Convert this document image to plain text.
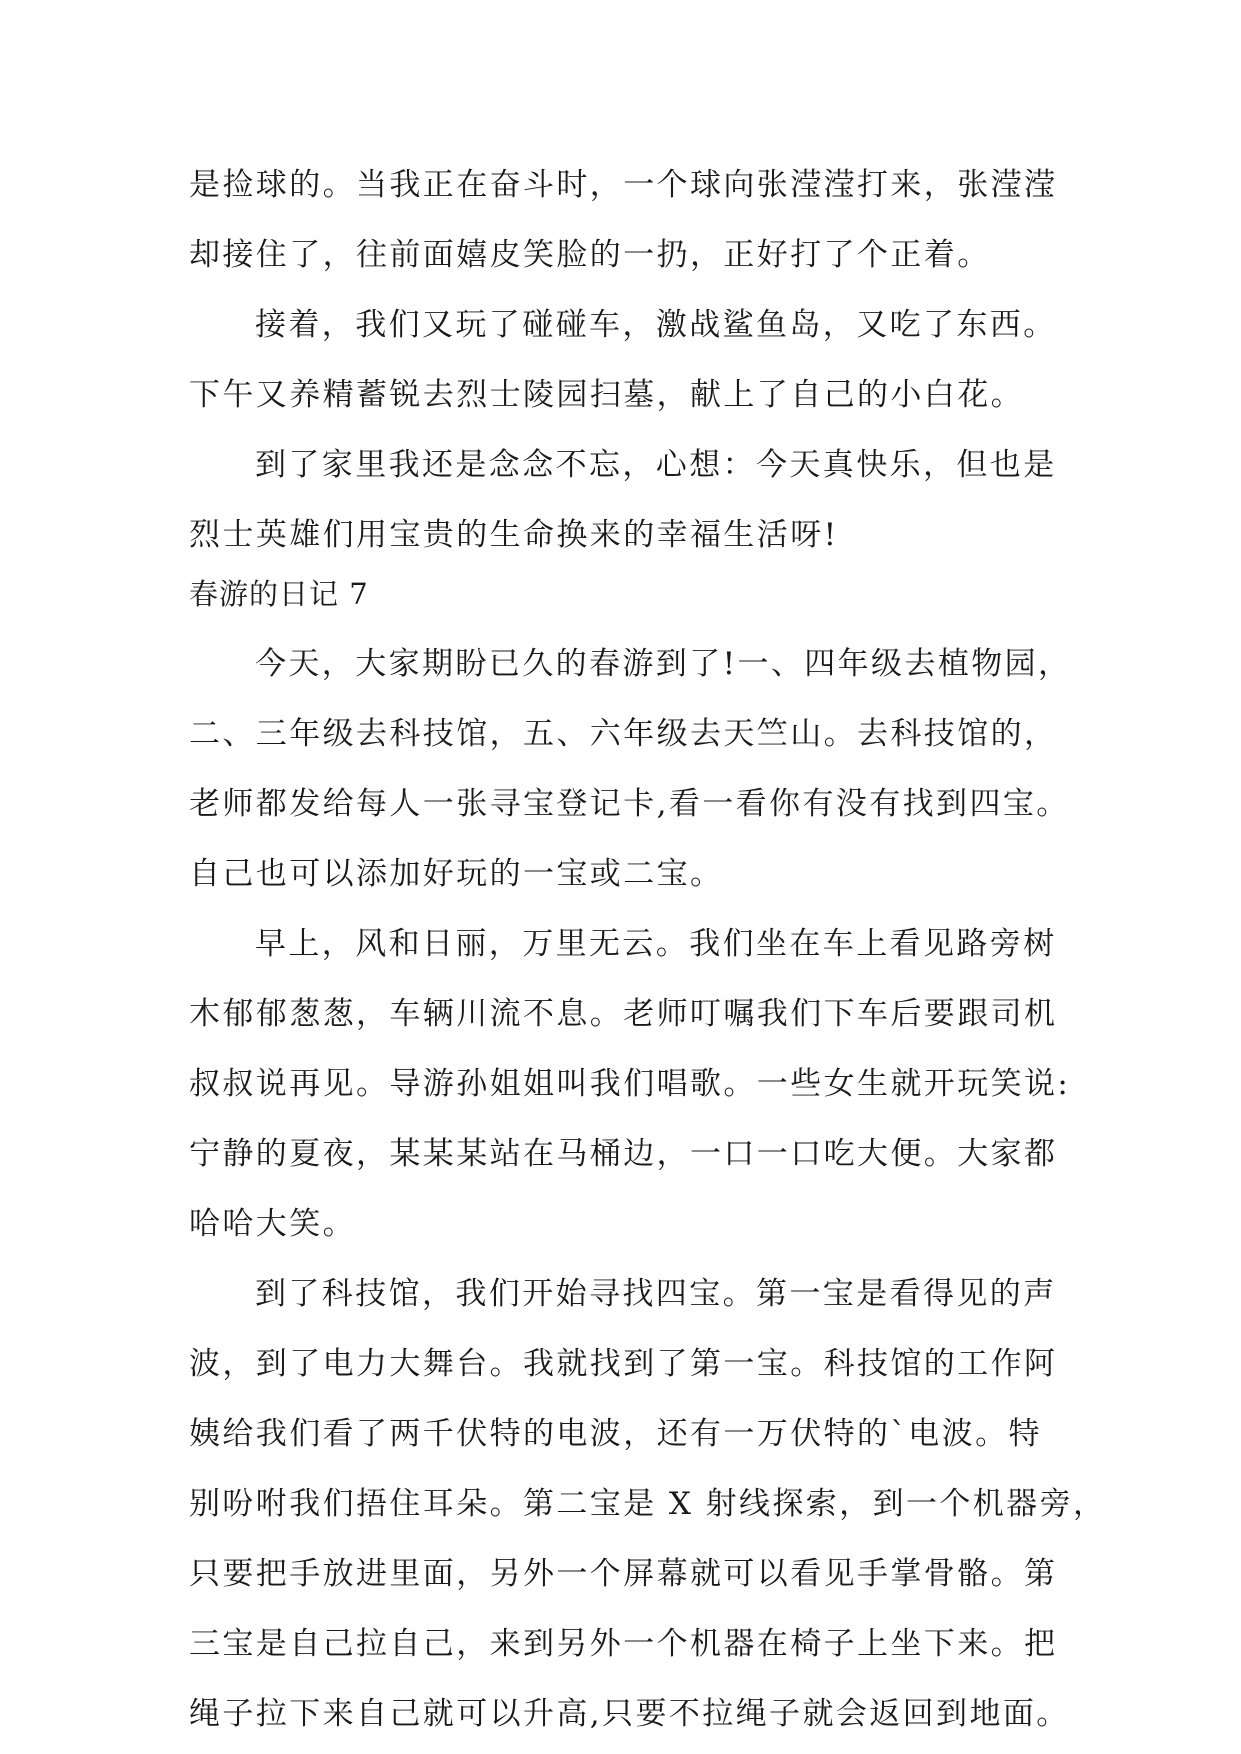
是捡球的。当我正在奋斗时，一个球向张滢滢打来，张滢滢
却接住了，往前面嬉皮笑脸的一扔，正好打了个正着。
接着，我们又玩了碰碰车，激战鲨鱼岛，又吃了东西。
下午又养精蓄锐去烈士陵园扫墓，献上了自己的小白花。
到了家里我还是念念不忘，心想：今天真快乐，但也是
烈士英雄们用宝贵的生命换来的幸福生活呀!
春游的日记 7
今天，大家期盼已久的春游到了!一、四年级去植物园，
二、三年级去科技馆，五、六年级去天竺山。去科技馆的，
老师都发给每人一张寻宝登记卡,看一看你有没有找到四宝。
自己也可以添加好玩的一宝或二宝。
早上，风和日丽，万里无云。我们坐在车上看见路旁树
木郁郁葱葱，车辆川流不息。老师叮嘱我们下车后要跟司机
叔叔说再见。导游孙姐姐叫我们唱歌。一些女生就开玩笑说:
宁静的夏夜，某某某站在马桶边，一口一口吃大便。大家都
哈哈大笑。
到了科技馆，我们开始寻找四宝。第一宝是看得见的声
波，到了电力大舞台。我就找到了第一宝。科技馆的工作阿
姨给我们看了两千伏特的电波，还有一万伏特的`电波。特
别吩咐我们捂住耳朵。第二宝是 X 射线探索，到一个机器旁，
只要把手放进里面，另外一个屏幕就可以看见手掌骨骼。第
三宝是自己拉自己，来到另外一个机器在椅子上坐下来。把
绳子拉下来自己就可以升高,只要不拉绳子就会返回到地面。
